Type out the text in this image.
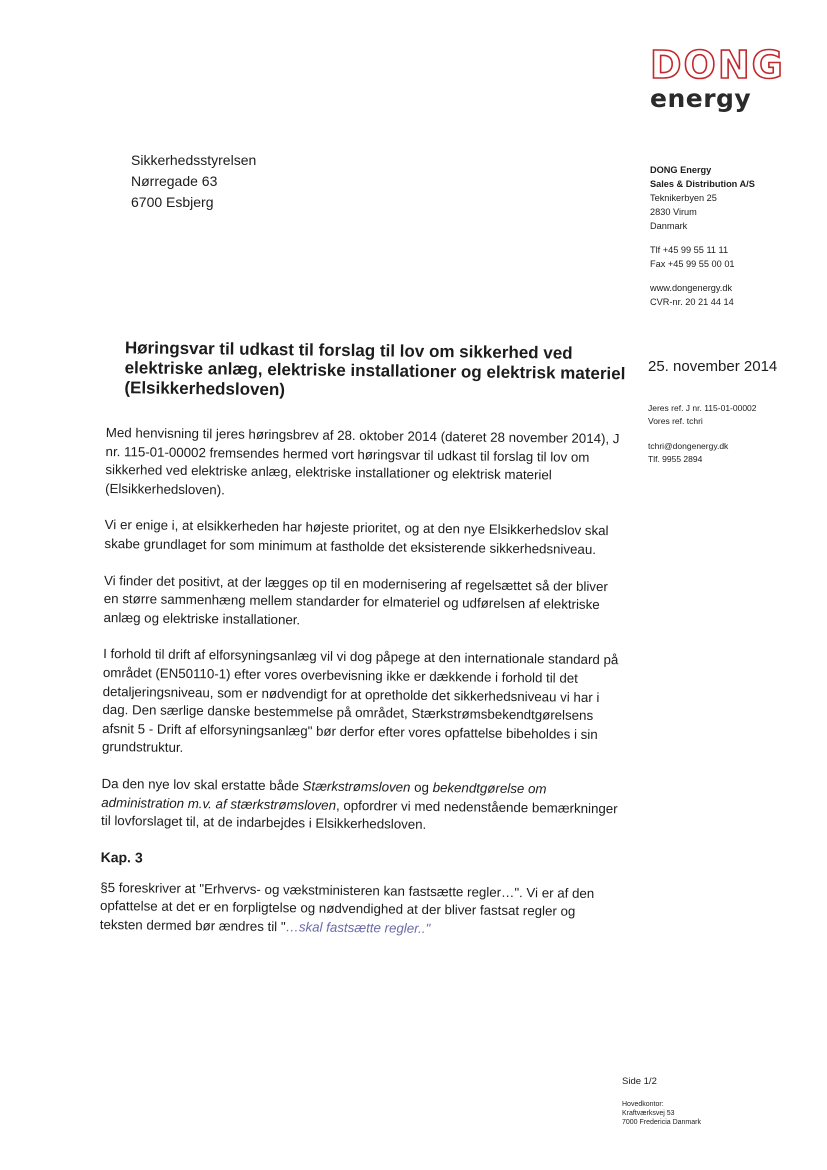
DONG
energy
Sikkerhedsstyrelsen
Nørregade 63
6700 Esbjerg
DONG Energy
Sales & Distribution A/S
Teknikerbyen 25
2830 Virum
Danmark
Tlf +45 99 55 11 11
Fax +45 99 55 00 01
www.dongenergy.dk
CVR-nr. 20 21 44 14
25. november 2014
Jeres ref. J nr. 115-01-00002
Vores ref. tchri
tchri@dongenergy.dk
Tlf. 9955 2894
Høringsvar til udkast til forslag til lov om sikkerhed ved elektriske anlæg, elektriske installationer og elektrisk materiel (Elsikkerhedsloven)

Med henvisning til jeres høringsbrev af 28. oktober 2014 (dateret 28 november 2014), J nr. 115-01-00002 fremsendes hermed vort høringsvar til udkast til forslag til lov om sikkerhed ved elektriske anlæg, elektriske installationer og elektrisk materiel (Elsikkerhedsloven).

Vi er enige i, at elsikkerheden har højeste prioritet, og at den nye Elsikkerhedslov skal skabe grundlaget for som minimum at fastholde det eksisterende sikkerhedsniveau.

Vi finder det positivt, at der lægges op til en modernisering af regelsættet så der bliver en større sammenhæng mellem standarder for elmateriel og udførelsen af elektriske anlæg og elektriske installationer.

I forhold til drift af elforsyningsanlæg vil vi dog påpege at den internationale standard på området (EN50110-1) efter vores overbevisning ikke er dækkende i forhold til det detaljeringsniveau, som er nødvendigt for at opretholde det sikkerhedsniveau vi har i dag. Den særlige danske bestemmelse på området, Stærkstrømsbekendtgørelsens afsnit 5 - Drift af elforsyningsanlæg" bør derfor efter vores opfattelse bibeholdes i sin grundstruktur.

Da den nye lov skal erstatte både Stærkstrømsloven og bekendtgørelse om administration m.v. af stærkstrømsloven, opfordrer vi med nedenstående bemærkninger til lovforslaget til, at de indarbejdes i Elsikkerhedsloven.

Kap. 3

§5 foreskriver at "Erhvervs- og vækstministeren kan fastsætte regler…". Vi er af den opfattelse at det er en forpligtelse og nødvendighed at der bliver fastsat regler og teksten dermed bør ændres til "…skal fastsætte regler.."

Side 1/2
Hovedkontor:
Kraftværksvej 53
7000 Fredericia Danmark
